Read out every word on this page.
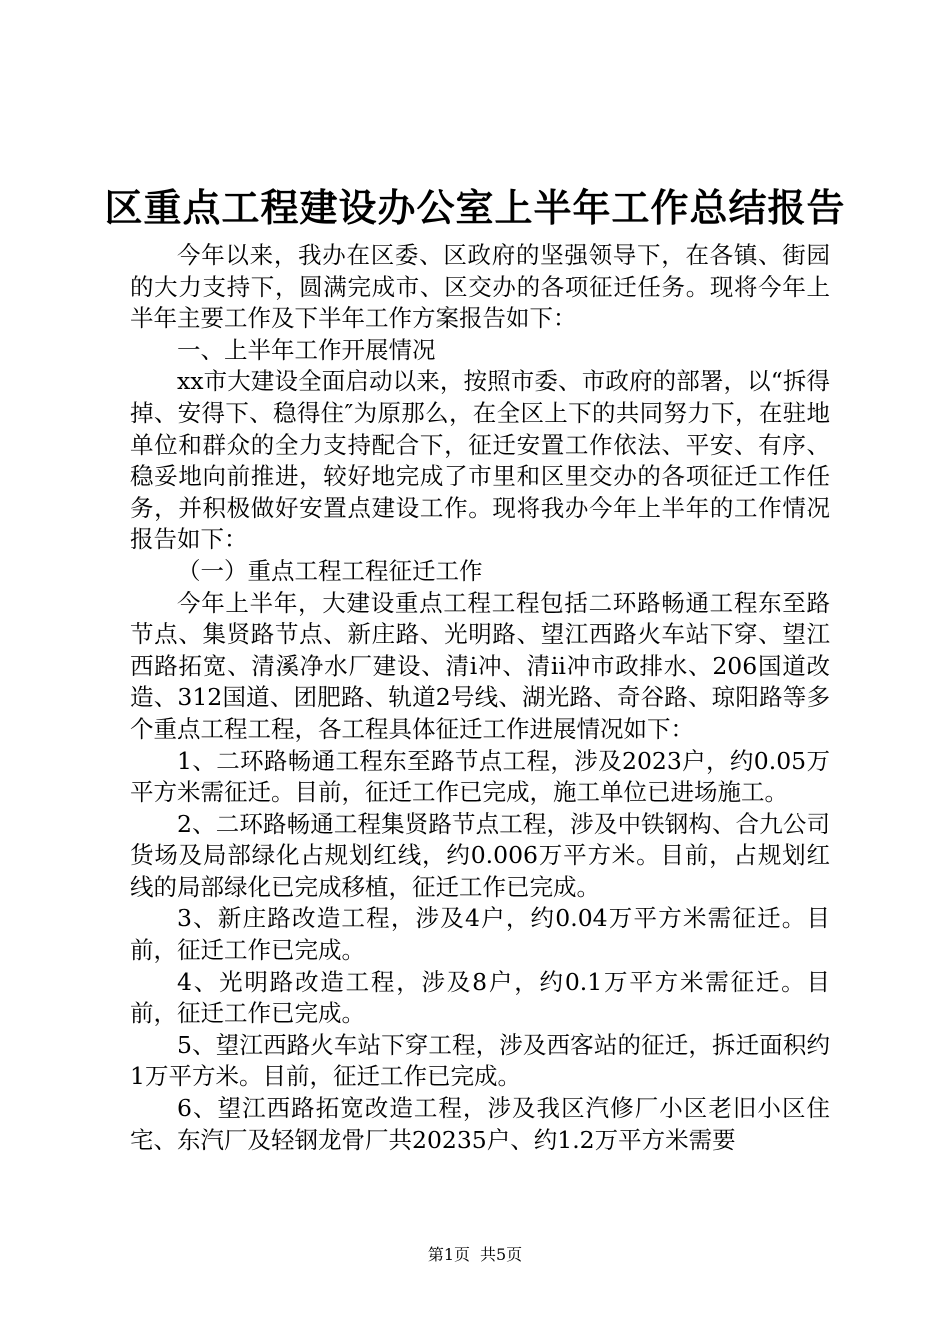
区重点工程建设办公室上半年工作总结报告

今年以来，我办在区委、区政府的坚强领导下，在各镇、街园的大力支持下，圆满完成市、区交办的各项征迁任务。现将今年上半年主要工作及下半年工作方案报告如下：

一、上半年工作开展情况

xx市大建设全面启动以来，按照市委、市政府的部署，以“拆得掉、安得下、稳得住″为原那么，在全区上下的共同努力下，在驻地单位和群众的全力支持配合下，征迁安置工作依法、平安、有序、稳妥地向前推进，较好地完成了市里和区里交办的各项征迁工作任务，并积极做好安置点建设工作。现将我办今年上半年的工作情况报告如下：

（一）重点工程工程征迁工作

今年上半年，大建设重点工程工程包括二环路畅通工程东至路节点、集贤路节点、新庄路、光明路、望江西路火车站下穿、望江西路拓宽、清溪净水厂建设、清ⅰ冲、清ⅱ冲市政排水、206国道改造、312国道、团肥路、轨道2号线、湖光路、奇谷路、琼阳路等多个重点工程工程，各工程具体征迁工作进展情况如下：

1、二环路畅通工程东至路节点工程，涉及2023户，约0.05万平方米需征迁。目前，征迁工作已完成，施工单位已进场施工。

2、二环路畅通工程集贤路节点工程，涉及中铁钢构、合九公司货场及局部绿化占规划红线，约0.006万平方米。目前，占规划红线的局部绿化已完成移植，征迁工作已完成。

3、新庄路改造工程，涉及4户，约0.04万平方米需征迁。目前，征迁工作已完成。

4、光明路改造工程，涉及8户，约0.1万平方米需征迁。目前，征迁工作已完成。

5、望江西路火车站下穿工程，涉及西客站的征迁，拆迁面积约1万平方米。目前，征迁工作已完成。

6、望江西路拓宽改造工程，涉及我区汽修厂小区老旧小区住宅、东汽厂及轻钢龙骨厂共20235户、约1.2万平方米需要

第1页 共5页
